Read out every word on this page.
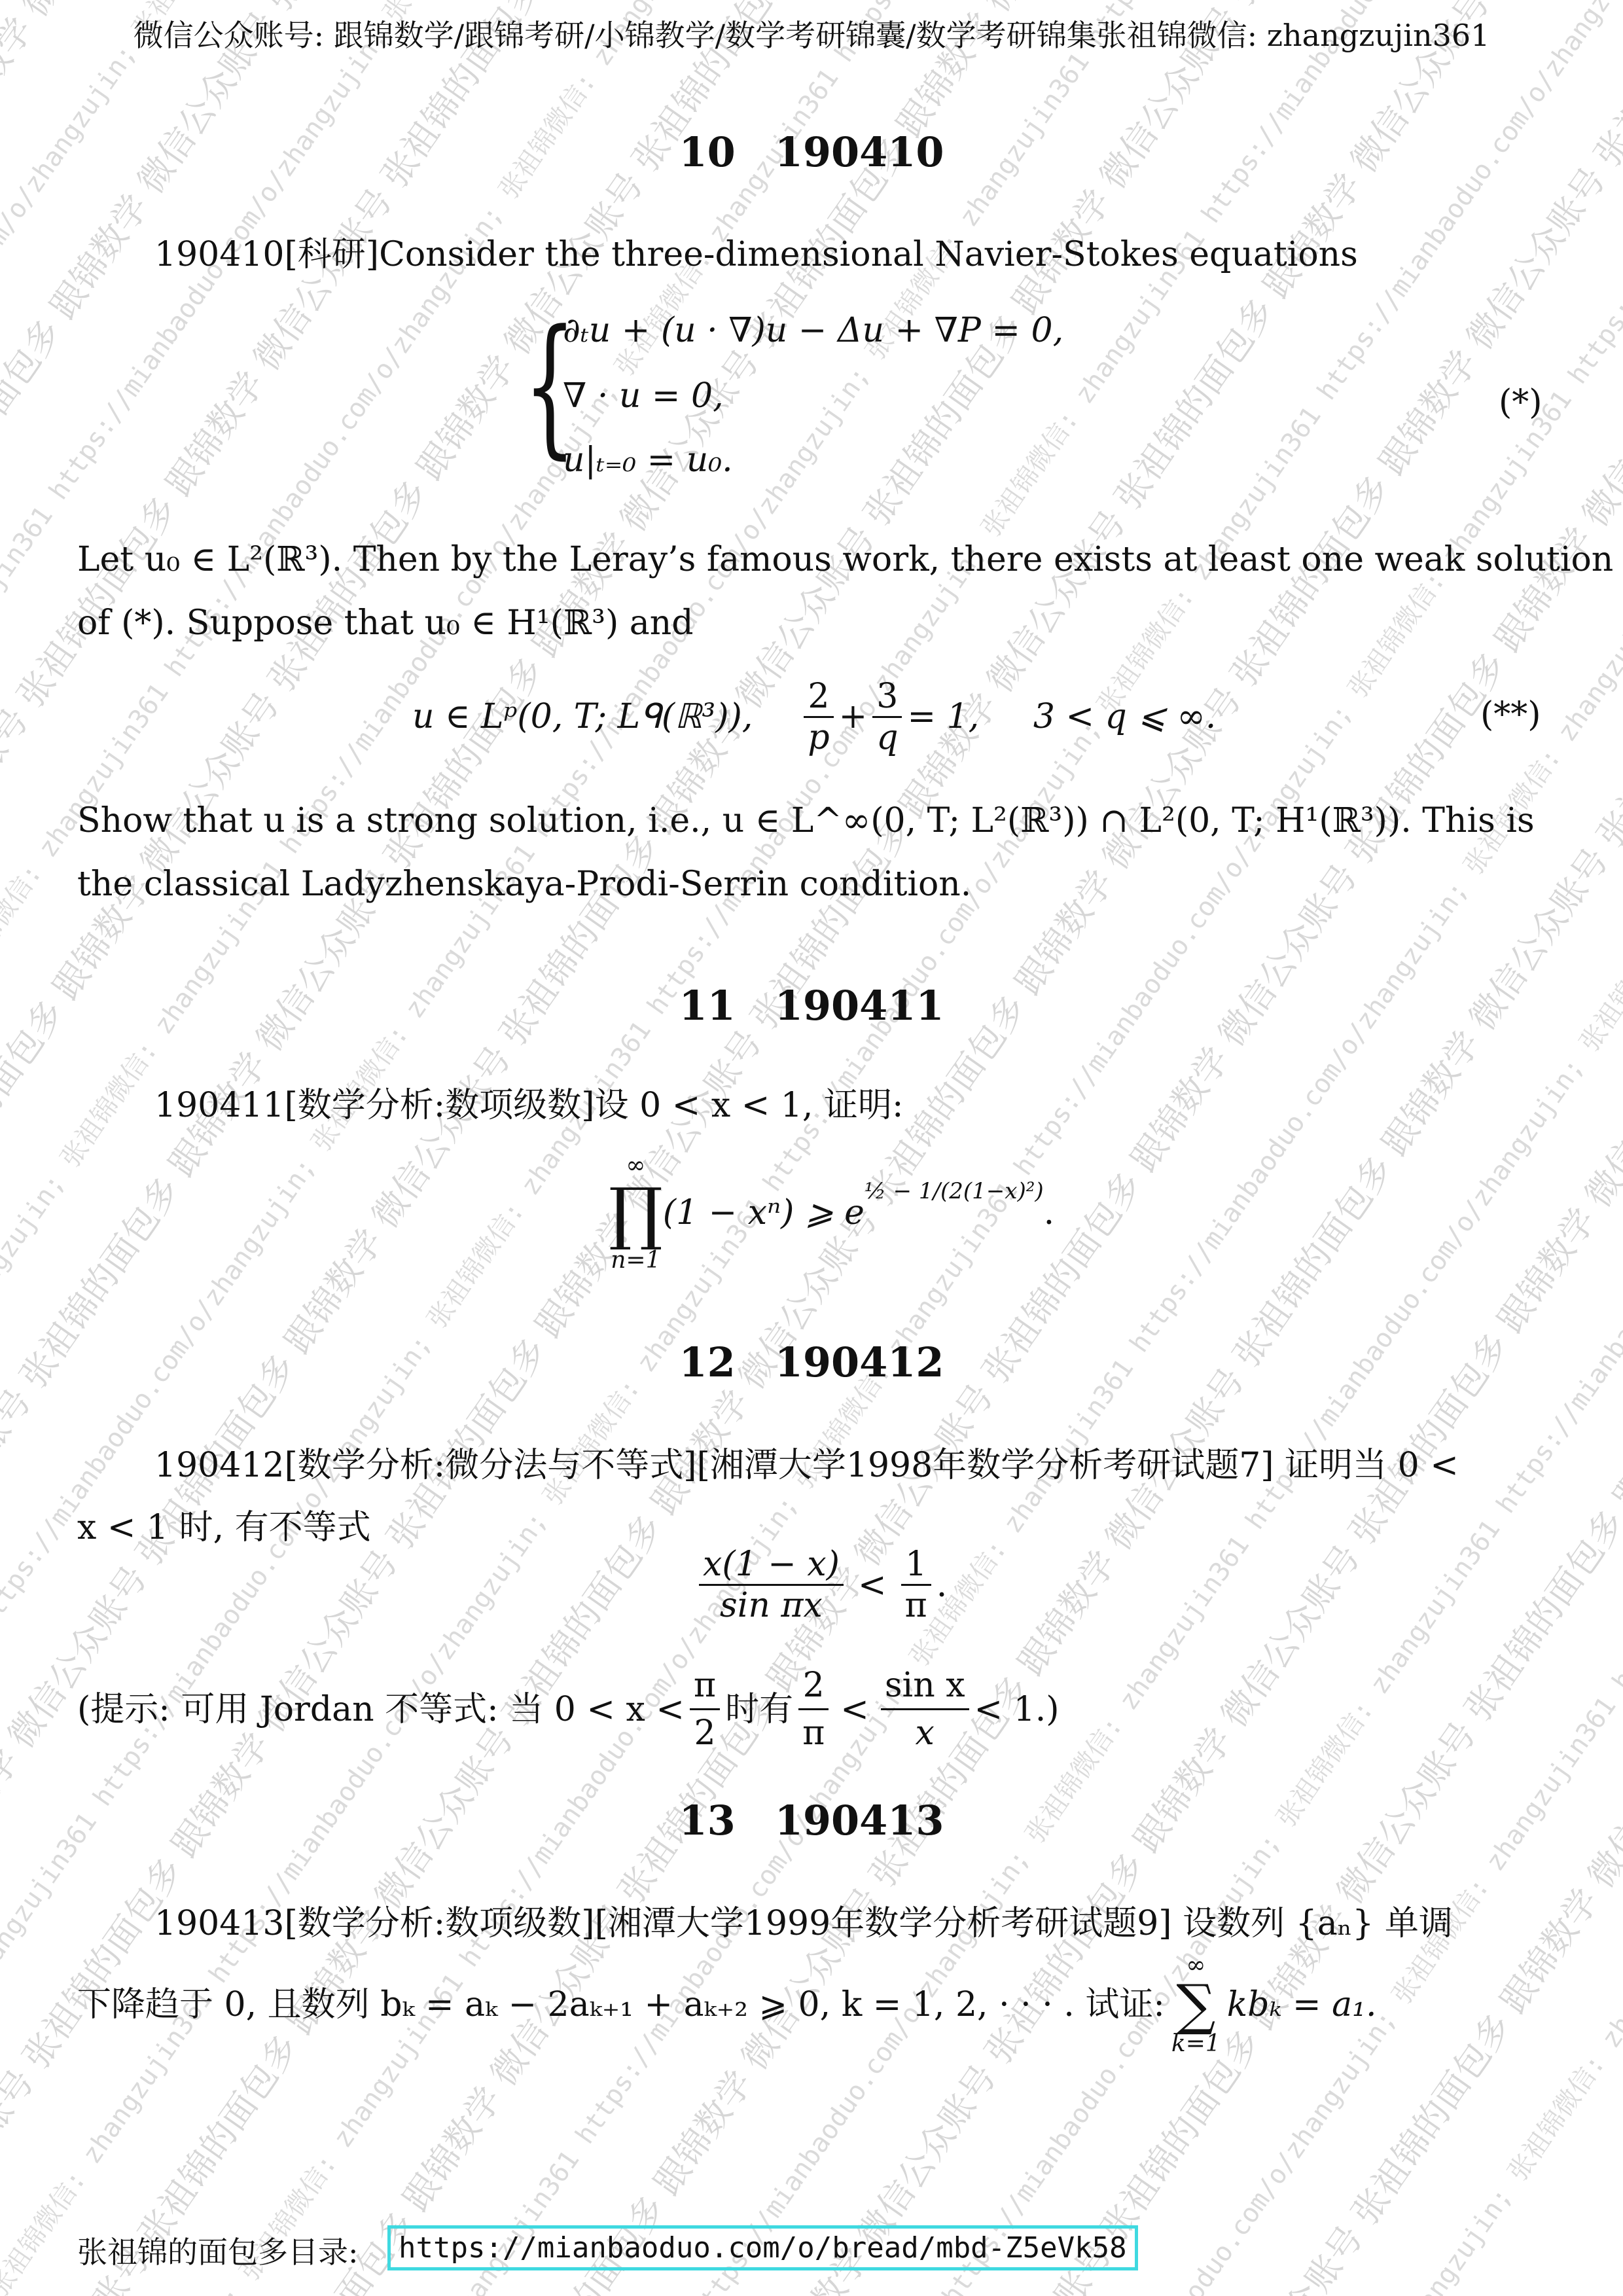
跟锦数学
张祖锦的面包多 跟锦数学 微信公众账号
微信公众账号 张祖锦的面包多 跟锦数学 微信公众账号 张祖锦的面包多
张祖锦的面包多 跟锦数学 微信公众账号 张祖锦的面包多 跟锦数学 微信公众账号 张祖锦的面包多
微信公众账号 张祖锦的面包多 跟锦数学 微信公众账号 张祖锦的面包多 跟锦数学 微信公众账号 张祖锦的面包多 跟锦数学
跟锦数学 微信公众账号 张祖锦的面包多 跟锦数学 微信公众账号 张祖锦的面包多 跟锦数学 微信公众账号 张祖锦的面包多 跟锦数学 微信公众账号
微信公众账号 张祖锦的面包多 跟锦数学 微信公众账号 张祖锦的面包多 跟锦数学 微信公众账号 张祖锦的面包多 跟锦数学 微信公众账号 张祖锦的面包多 跟锦数学 微信公众账号
张祖锦的面包多 跟锦数学 微信公众账号 张祖锦的面包多 跟锦数学 微信公众账号 张祖锦的面包多 跟锦数学 微信公众账号 张祖锦的面包多 跟锦数学 微信公众账号 张祖锦的面包多
跟锦数学 微信公众账号 张祖锦的面包多 跟锦数学 微信公众账号 张祖锦的面包多 跟锦数学 微信公众账号 张祖锦的面包多 跟锦数学 微信公众账号
跟锦数学 微信公众账号 张祖锦的面包多 跟锦数学 微信公众账号 张祖锦的面包多 跟锦数学 微信公众账号 张祖锦的面包多
微信公众账号 张祖锦的面包多 跟锦数学 微信公众账号 张祖锦的面包多 跟锦数学 微信公众账号
张祖锦的面包多 跟锦数学 微信公众账号 张祖锦的面包多 跟锦数学
张祖锦的面包多 跟锦数学 微信公众账号
微信公众账号: 跟锦数学/跟锦考研/小锦教学/数学考研锦囊/数学考研锦集张祖锦微信: zhangzujin361
10 190410
190410[科研]Consider the three-dimensional Navier-Stokes equations
{
∂ₜu + (u · ∇)u − Δu + ∇P = 0,
∇ · u = 0,
u|ₜ₌₀ = u₀.
(*)
Let u₀ ∈ L²(ℝ³). Then by the Leray’s famous work, there exists at least one weak solution
of (*). Suppose that u₀ ∈ H¹(ℝ³) and
u ∈ Lᵖ(0, T; Lᑫ(ℝ³)), $\frac{2}{p} + \frac{3}{q} = 1$,     3 < q ⩽ ∞.	(**)
Show that u is a strong solution, i.e., u ∈ L^∞(0, T; L²(ℝ³)) ∩ L²(0, T; H¹(ℝ³)). This is
the classical Ladyzhenskaya-Prodi-Serrin condition.
11 190411
190411[数学分析:数项级数]设 0 < x < 1, 证明:
∞
∏
n=1
(1 − xⁿ) ⩾ e
$^{\frac{1}{2} - 1/(2(1-x)^2)}$
.
12 190412
190412[数学分析:微分法与不等式][湘潭大学1998年数学分析考研试题7] 证明当 0 <
x < 1 时, 有不等式
$\frac{x(1 - x)}{\text{sin πx}} < \frac{1}{\pi}$ .
(提示: 可用 Jordan 不等式: 当 $0 < x < \frac{\pi}{2}$ 时有 $\frac{2}{\pi} < \frac{\text{sin x}}{x} < 1$.)
13 190413
190413[数学分析:数项级数][湘潭大学1999年数学分析考研试题9] 设数列 {aₙ} 单调
下降趋于 0, 且数列 bₖ = aₖ − 2aₖ₊₁ + aₖ₊₂ ⩾ 0, k = 1, 2, · · · . 试证:
∞
∑
k=1
kbₖ = a₁.
张祖锦的面包多目录:	https://mianbaoduo.com/o/bread/mbd-Z5eVk58
